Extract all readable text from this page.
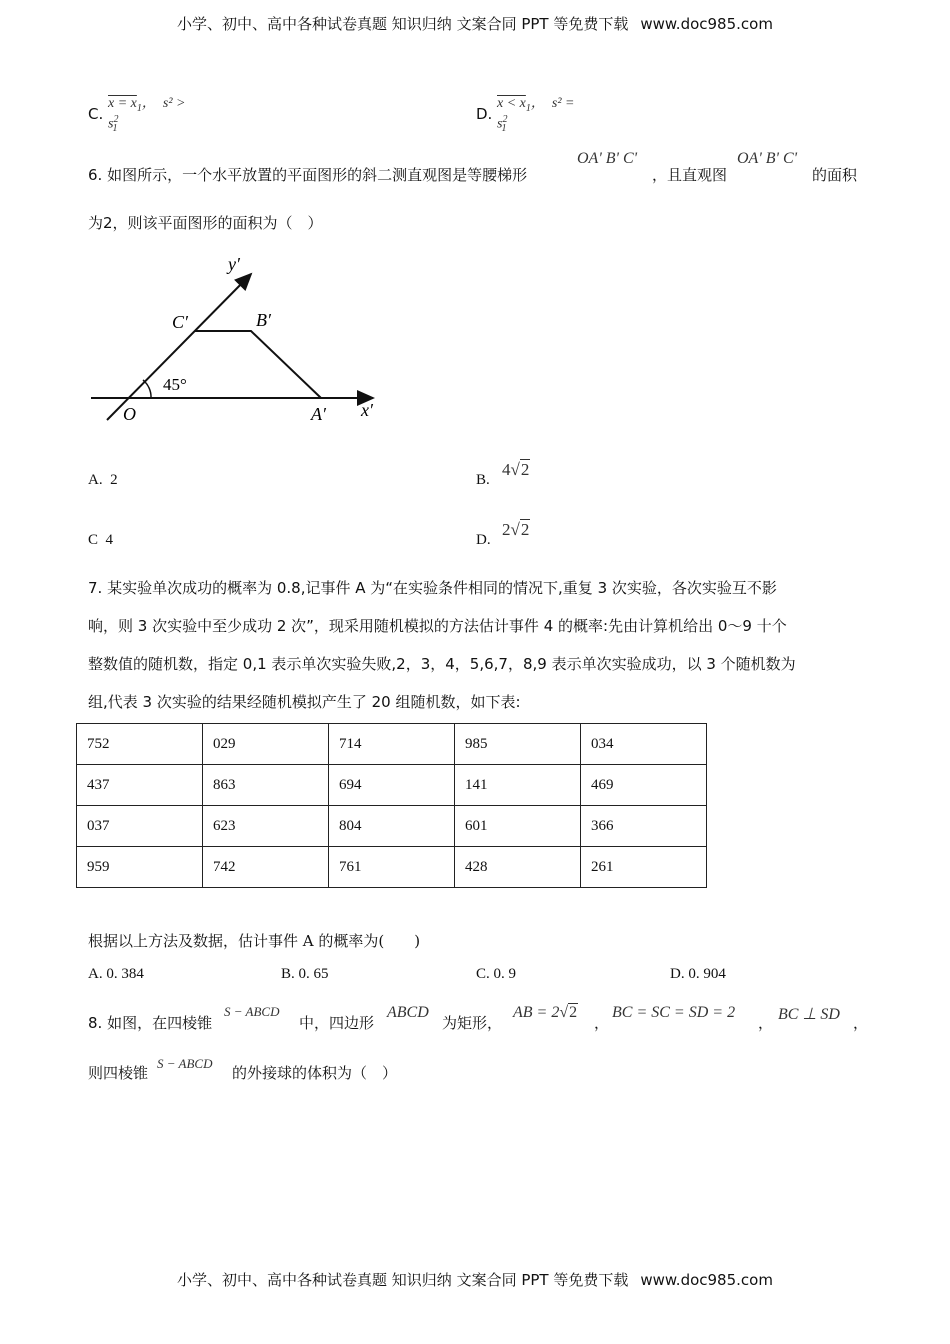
小学、初中、高中各种试卷真题 知识归纳 文案合同 PPT 等免费下载 www.doc985.com
C.
$x = x_1$，  $s^2 > s^2_1$
D.
$x < x_1$，  $s^2 = s^2_1$
6. 如图所示，一个水平放置的平面图形的斜二测直观图是等腰梯形
OA' B' C'
，且直观图
OA' B' C'
的面积
为2，则该平面图形的面积为（　）
y′
x′
O	A′
B′
C′
45°
A. 2	B.
4√2
C 4	D.
2√2
7. 某实验单次成功的概率为 0.8,记事件 A 为“在实验条件相同的情况下,重复 3 次实验，各次实验互不影
响，则 3 次实验中至少成功 2 次”，现采用随机模拟的方法估计事件 4 的概率:先由计算机给出 0～9 十个
整数值的随机数，指定 0,1 表示单次实验失败,2，3，4，5,6,7，8,9 表示单次实验成功，以 3 个随机数为
组,代表 3 次实验的结果经随机模拟产生了 20 组随机数，如下表:
752	029	714	985	034
437	863	694	141	469
037	623	804	601	366
959	742	761	428	261
根据以上方法及数据，估计事件 A 的概率为(　　)
A. 0. 384	B. 0. 65	C. 0. 9	D. 0. 904
8. 如图，在四棱锥
S − ABCD
中，四边形
ABCD
为矩形，
AB = 2√2
，
BC = SC = SD = 2
， BC ⊥ SD ，
则四棱锥
S − ABCD
的外接球的体积为（　）
小学、初中、高中各种试卷真题 知识归纳 文案合同 PPT 等免费下载 www.doc985.com
